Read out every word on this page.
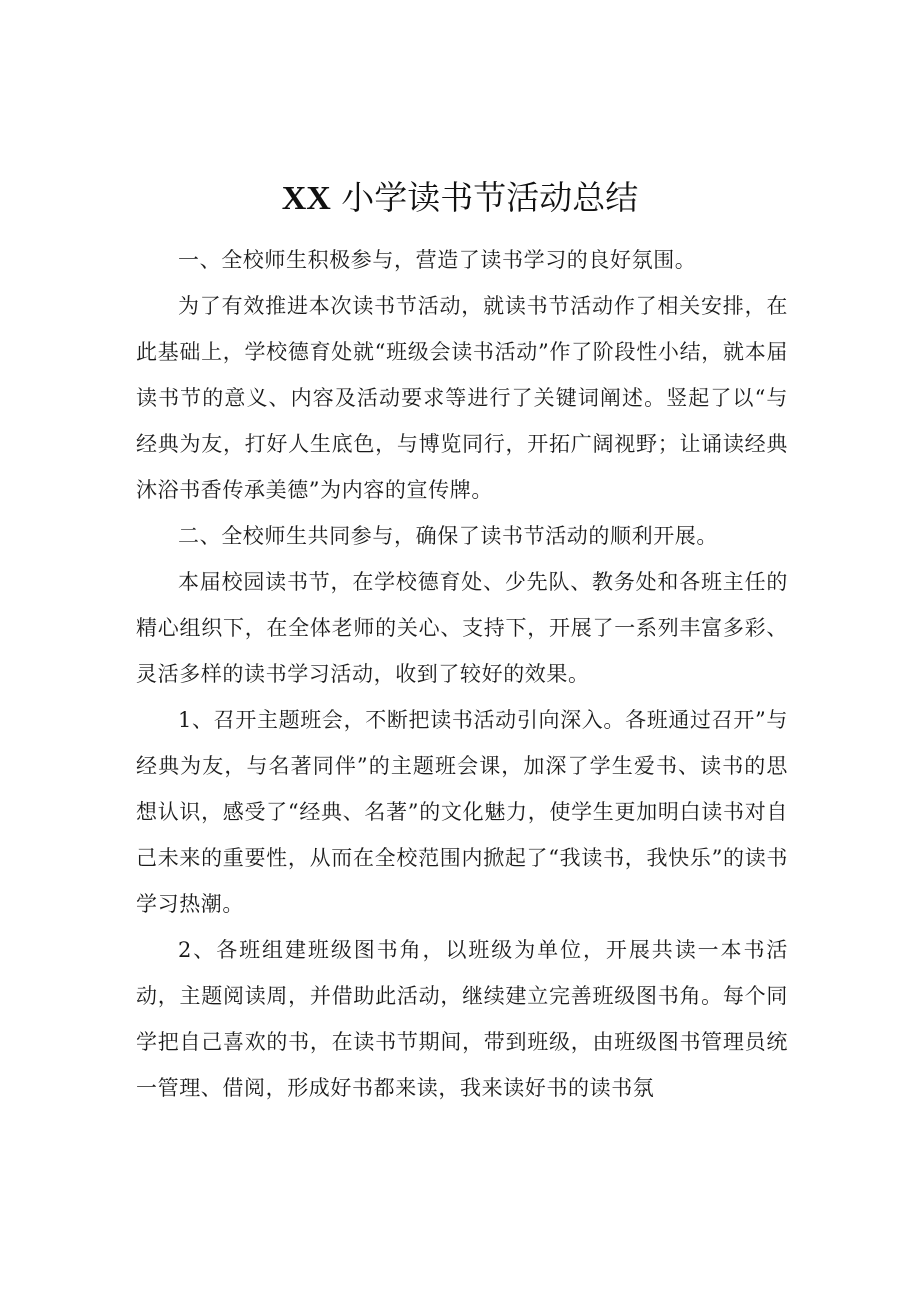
XX 小学读书节活动总结

一、全校师生积极参与，营造了读书学习的良好氛围。

为了有效推进本次读书节活动，就读书节活动作了相关安排，在此基础上，学校德育处就“班级会读书活动”作了阶段性小结，就本届读书节的意义、内容及活动要求等进行了关键词阐述。竖起了以“与经典为友，打好人生底色，与博览同行，开拓广阔视野；让诵读经典沐浴书香传承美德”为内容的宣传牌。

二、全校师生共同参与，确保了读书节活动的顺利开展。

本届校园读书节，在学校德育处、少先队、教务处和各班主任的精心组织下，在全体老师的关心、支持下，开展了一系列丰富多彩、灵活多样的读书学习活动，收到了较好的效果。

1、召开主题班会，不断把读书活动引向深入。各班通过召开”与经典为友，与名著同伴”的主题班会课，加深了学生爱书、读书的思想认识，感受了“经典、名著”的文化魅力，使学生更加明白读书对自己未来的重要性，从而在全校范围内掀起了“我读书，我快乐”的读书学习热潮。

2、各班组建班级图书角，以班级为单位，开展共读一本书活动，主题阅读周，并借助此活动，继续建立完善班级图书角。每个同学把自己喜欢的书，在读书节期间，带到班级，由班级图书管理员统一管理、借阅，形成好书都来读，我来读好书的读书氛
